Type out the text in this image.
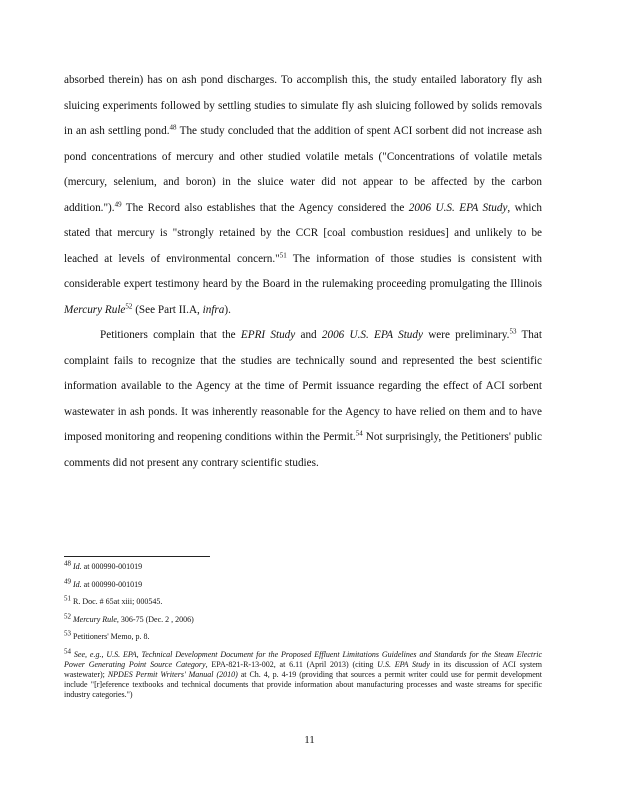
absorbed therein) has on ash pond discharges. To accomplish this, the study entailed laboratory fly ash sluicing experiments followed by settling studies to simulate fly ash sluicing followed by solids removals in an ash settling pond.$^{48}$ The study concluded that the addition of spent ACI sorbent did not increase ash pond concentrations of mercury and other studied volatile metals ("Concentrations of volatile metals (mercury, selenium, and boron) in the sluice water did not appear to be affected by the carbon addition.").$^{49}$ The Record also establishes that the Agency considered the 2006 U.S. EPA Study, which stated that mercury is "strongly retained by the CCR [coal combustion residues] and unlikely to be leached at levels of environmental concern."$^{51}$ The information of those studies is consistent with considerable expert testimony heard by the Board in the rulemaking proceeding promulgating the Illinois Mercury Rule$^{52}$ (See Part II.A, infra).

Petitioners complain that the EPRI Study and 2006 U.S. EPA Study were preliminary.$^{53}$ That complaint fails to recognize that the studies are technically sound and represented the best scientific information available to the Agency at the time of Permit issuance regarding the effect of ACI sorbent wastewater in ash ponds. It was inherently reasonable for the Agency to have relied on them and to have imposed monitoring and reopening conditions within the Permit.$^{54}$ Not surprisingly, the Petitioners' public comments did not present any contrary scientific studies.

$^{48}$ Id. at 000990-001019
$^{49}$ Id. at 000990-001019
$^{51}$ R. Doc. # 65at xiii; 000545.
$^{52}$ Mercury Rule, 306-75 (Dec. 2 , 2006)
$^{53}$ Petitioners' Memo, p. 8.
$^{54}$ See, e.g., U.S. EPA, Technical Development Document for the Proposed Effluent Limitations Guidelines and Standards for the Steam Electric Power Generating Point Source Category, EPA-821-R-13-002, at 6.11 (April 2013) (citing U.S. EPA Study in its discussion of ACI system wastewater); NPDES Permit Writers' Manual (2010) at Ch. 4, p. 4-19 (providing that sources a permit writer could use for permit development include "[r]eference textbooks and technical documents that provide information about manufacturing processes and waste streams for specific industry categories.")
11
